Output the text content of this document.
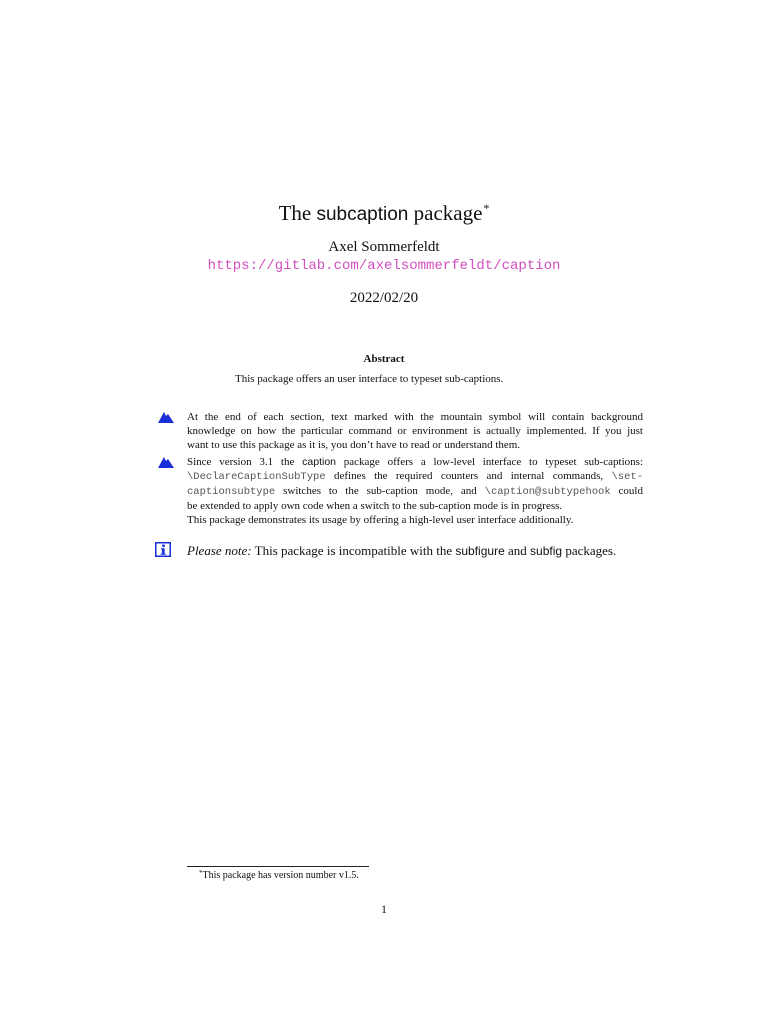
The subcaption package*
Axel Sommerfeldt
https://gitlab.com/axelsommerfeldt/caption
2022/02/20
Abstract
This package offers an user interface to typeset sub-captions.
At the end of each section, text marked with the mountain symbol will contain background
knowledge on how the particular command or environment is actually implemented. If you just
want to use this package as it is, you don’t have to read or understand them.
Since version 3.1 the caption package offers a low-level interface to typeset sub-captions:
\DeclareCaptionSubType defines the required counters and internal commands, \set-
captionsubtype switches to the sub-caption mode, and \caption@subtypehook could
be extended to apply own code when a switch to the sub-caption mode is in progress.
This package demonstrates its usage by offering a high-level user interface additionally.
Please note: This package is incompatible with the subfigure and subfig packages.
*This package has version number v1.5.
1
